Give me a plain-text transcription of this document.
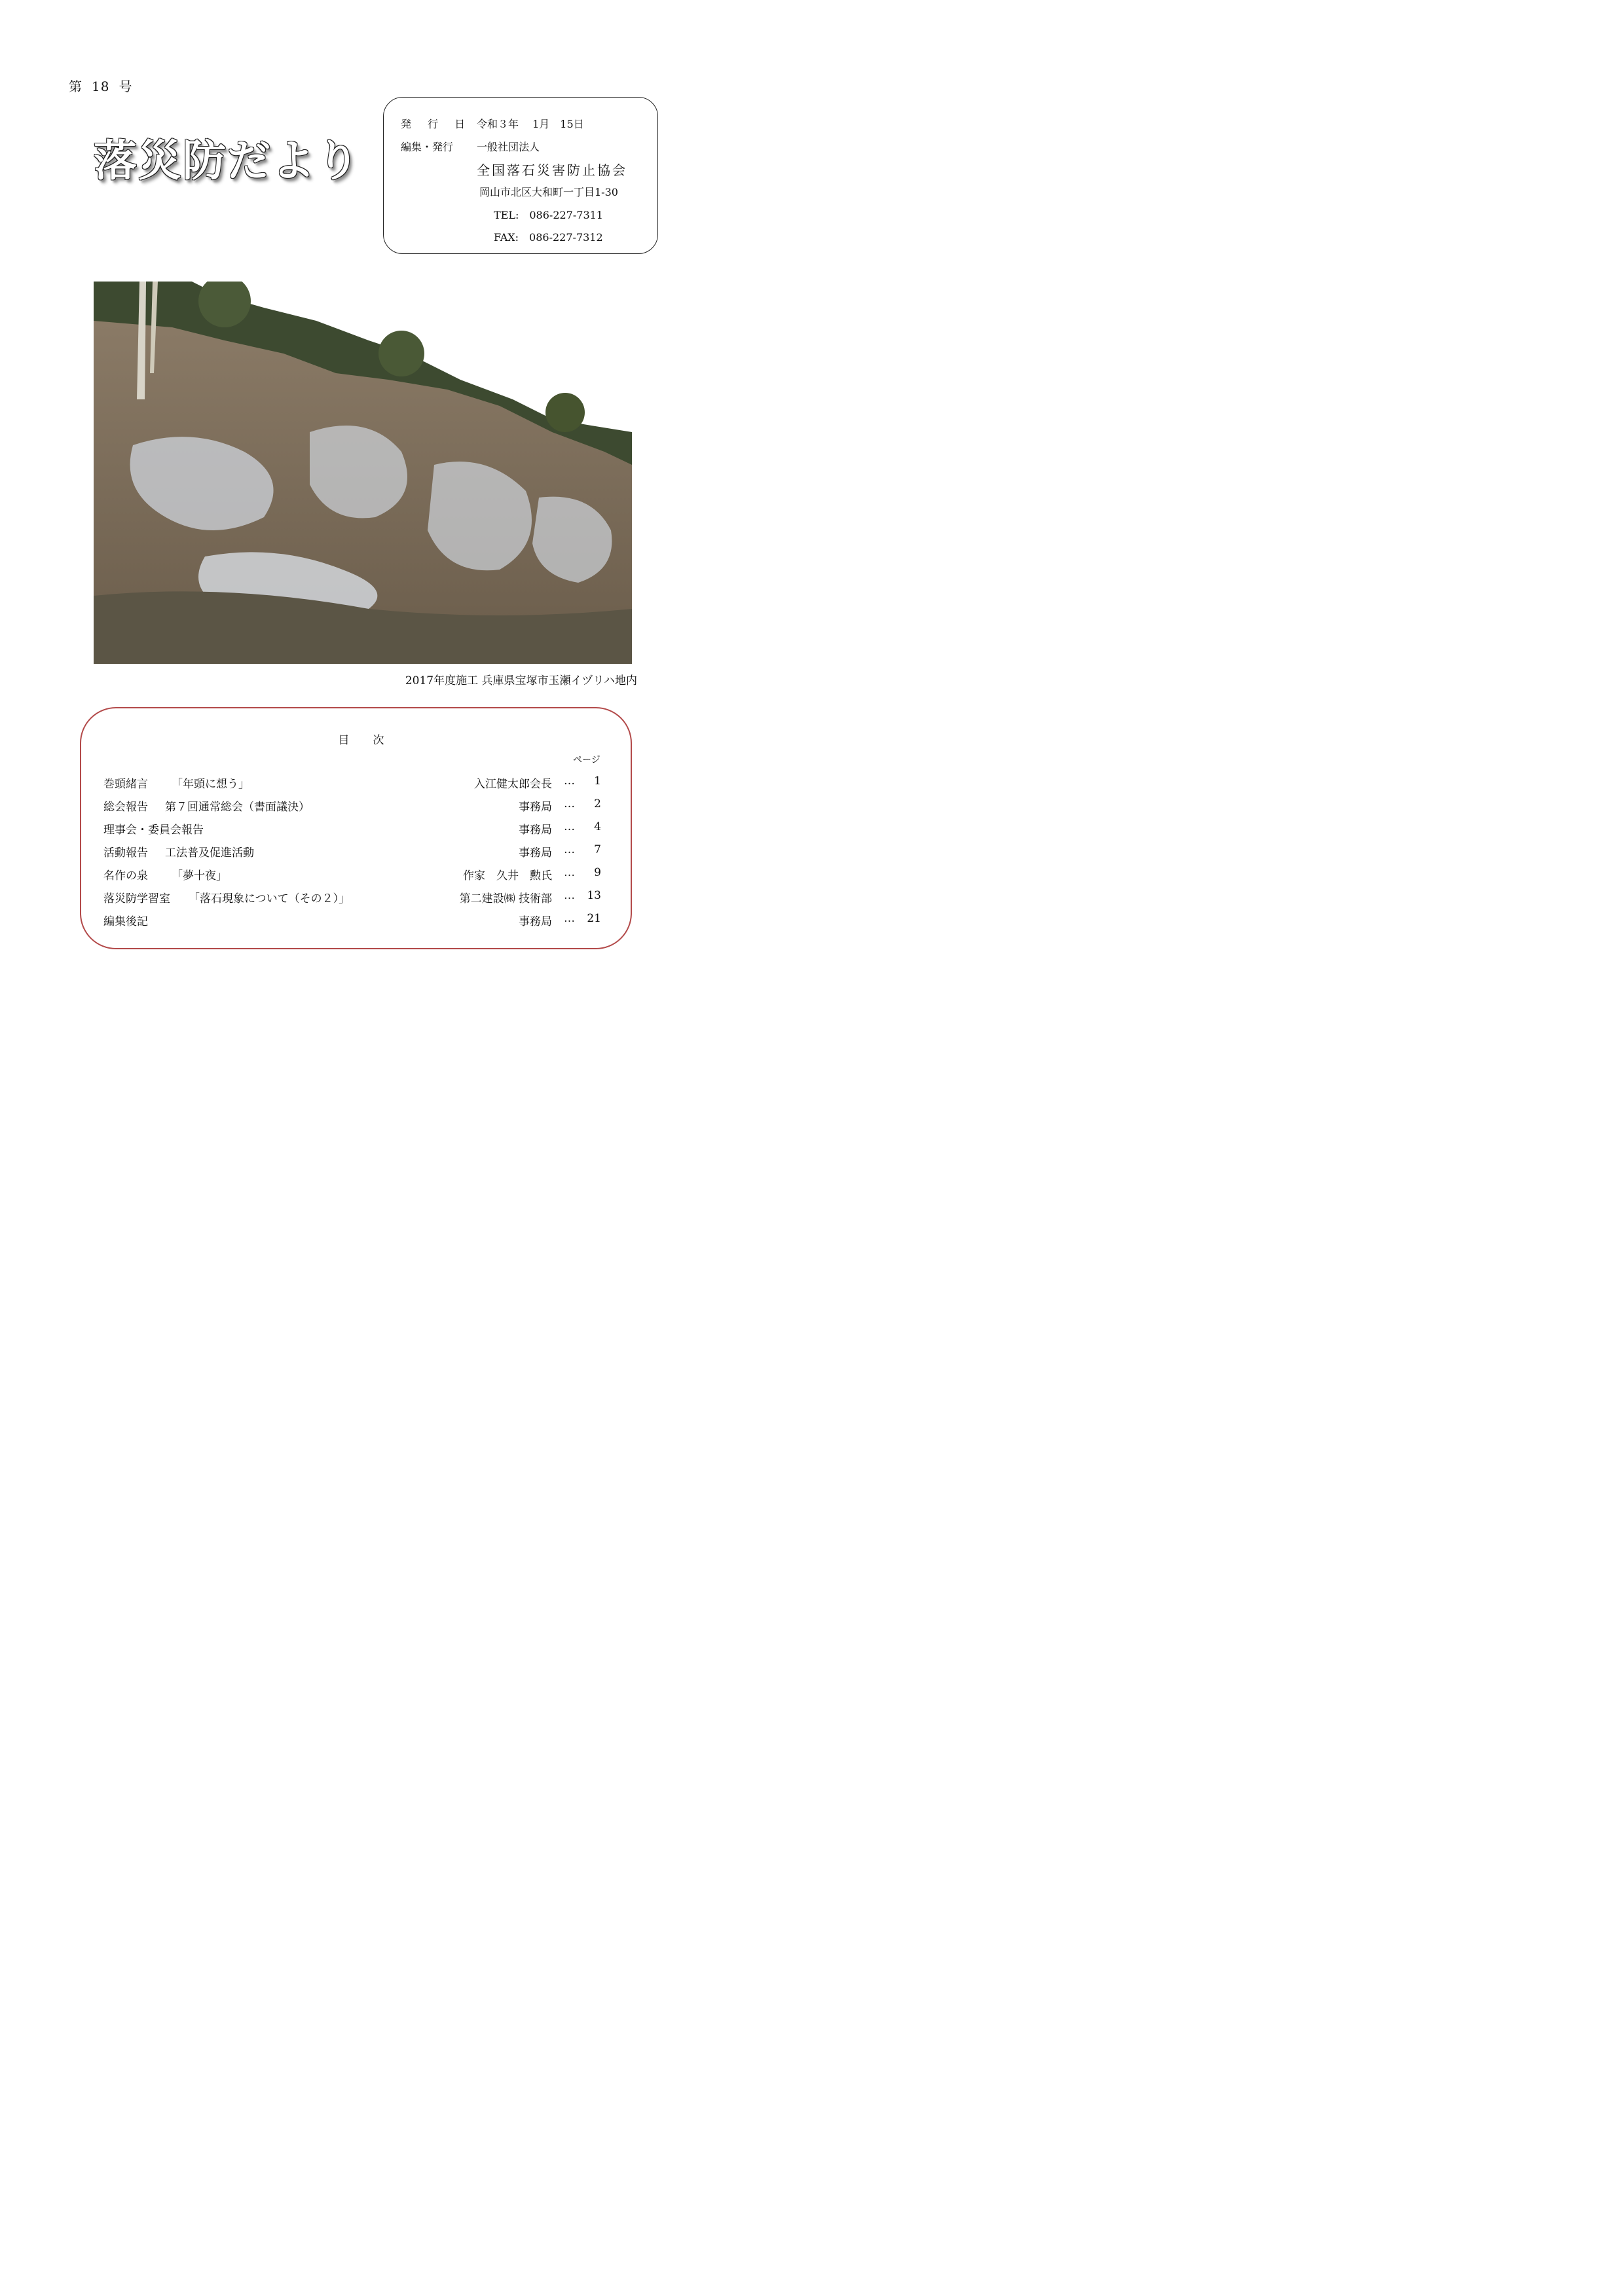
第 18 号
落災防だより
発 行 日 令和３年　 1月　15日
編集・発行 一般社団法人
全国落石災害防止協会
岡山市北区大和町一丁目1-30
TEL:　086-227-7311
FAX:　086-227-7312
2017年度施工 兵庫県宝塚市玉瀬イヅリハ地内
目 次
ページ
巻頭緒言 「年頭に想う」	入江健太郎会長 …	1
総会報告 第７回通常総会（書面議決）	事務局 …	2
理事会・委員会報告	事務局 …	4
活動報告 工法普及促進活動	事務局 …	7
名作の泉 「夢十夜」	作家　久井　勲氏 …	9
落災防学習室 「落石現象について（その２）」	第二建設㈱ 技術部 …	13
編集後記	事務局 …	21
